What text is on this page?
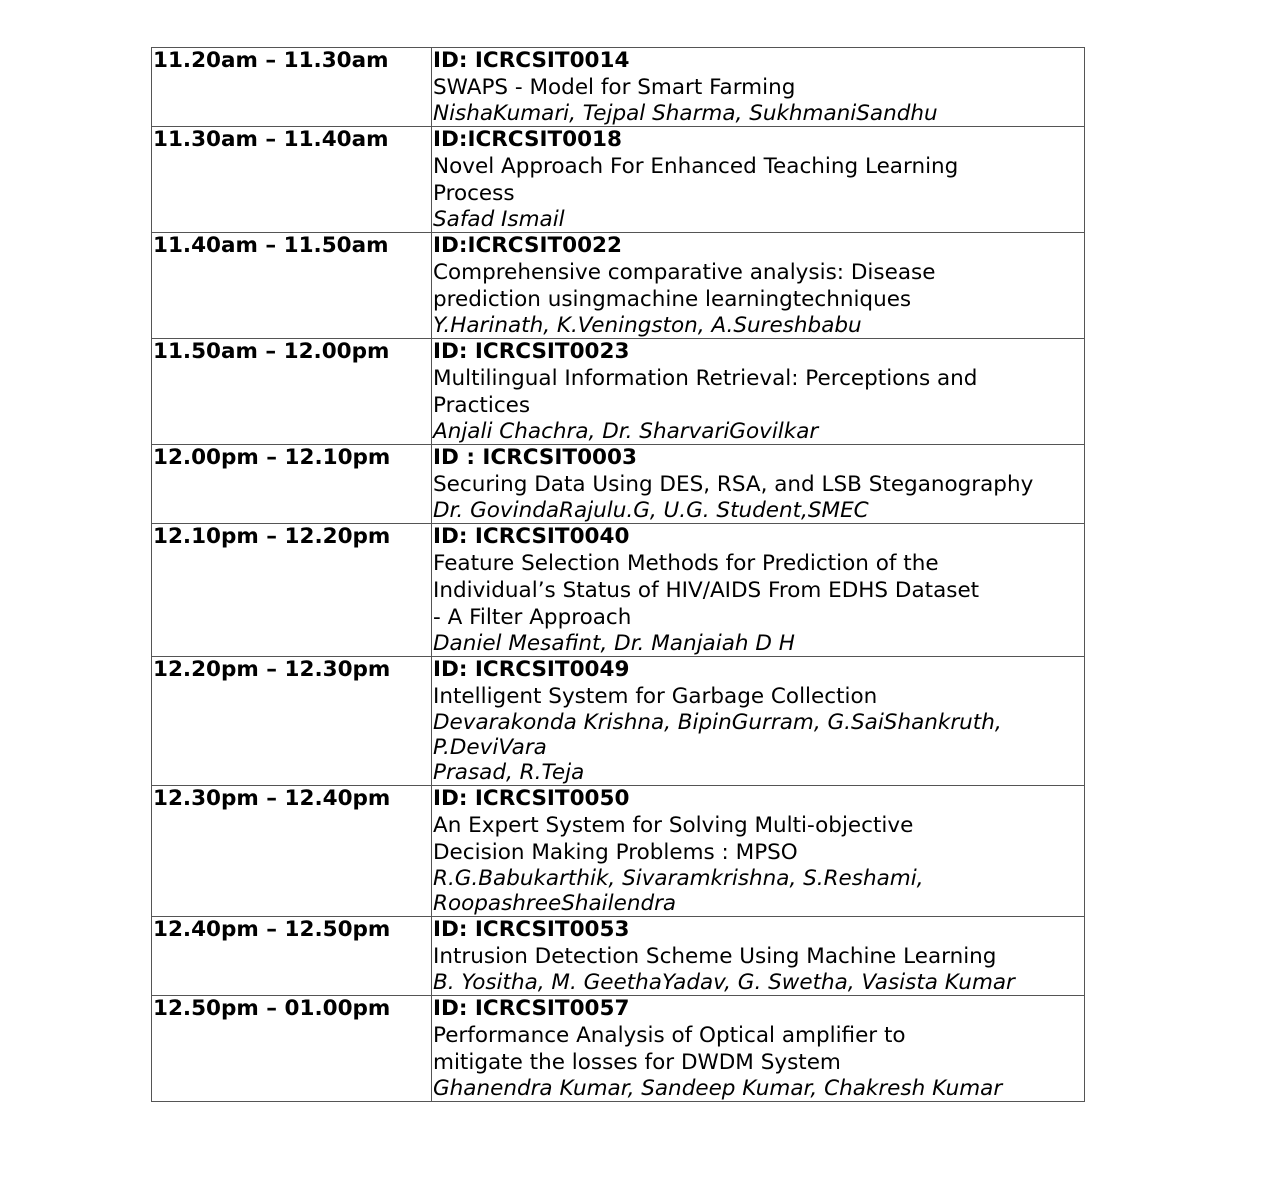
11.20am – 11.30am	ID: ICRCSIT0014
SWAPS - Model for Smart Farming
NishaKumari, Tejpal Sharma, SukhmaniSandhu

11.30am – 11.40am	ID:ICRCSIT0018
Novel Approach For Enhanced Teaching Learning
Process
Safad Ismail

11.40am – 11.50am	ID:ICRCSIT0022
Comprehensive comparative analysis: Disease
prediction usingmachine learningtechniques
Y.Harinath, K.Veningston, A.Sureshbabu

11.50am – 12.00pm	ID: ICRCSIT0023
Multilingual Information Retrieval: Perceptions and
Practices
Anjali Chachra, Dr. SharvariGovilkar

12.00pm – 12.10pm	ID : ICRCSIT0003
Securing Data Using DES, RSA, and LSB Steganography
Dr. GovindaRajulu.G, U.G. Student,SMEC

12.10pm – 12.20pm	ID: ICRCSIT0040
Feature Selection Methods for Prediction of the
Individual’s Status of HIV/AIDS From EDHS Dataset
- A Filter Approach
Daniel Mesafint, Dr. Manjaiah D H

12.20pm – 12.30pm	ID: ICRCSIT0049
Intelligent System for Garbage Collection
Devarakonda Krishna, BipinGurram, G.SaiShankruth,
P.DeviVara
Prasad, R.Teja

12.30pm – 12.40pm	ID: ICRCSIT0050
An Expert System for Solving Multi-objective
Decision Making Problems : MPSO
R.G.Babukarthik, Sivaramkrishna, S.Reshami,
RoopashreeShailendra

12.40pm – 12.50pm	ID: ICRCSIT0053
Intrusion Detection Scheme Using Machine Learning
B. Yositha, M. GeethaYadav, G. Swetha, Vasista Kumar

12.50pm – 01.00pm	ID: ICRCSIT0057
Performance Analysis of Optical amplifier to
mitigate the losses for DWDM System
Ghanendra Kumar, Sandeep Kumar, Chakresh Kumar
